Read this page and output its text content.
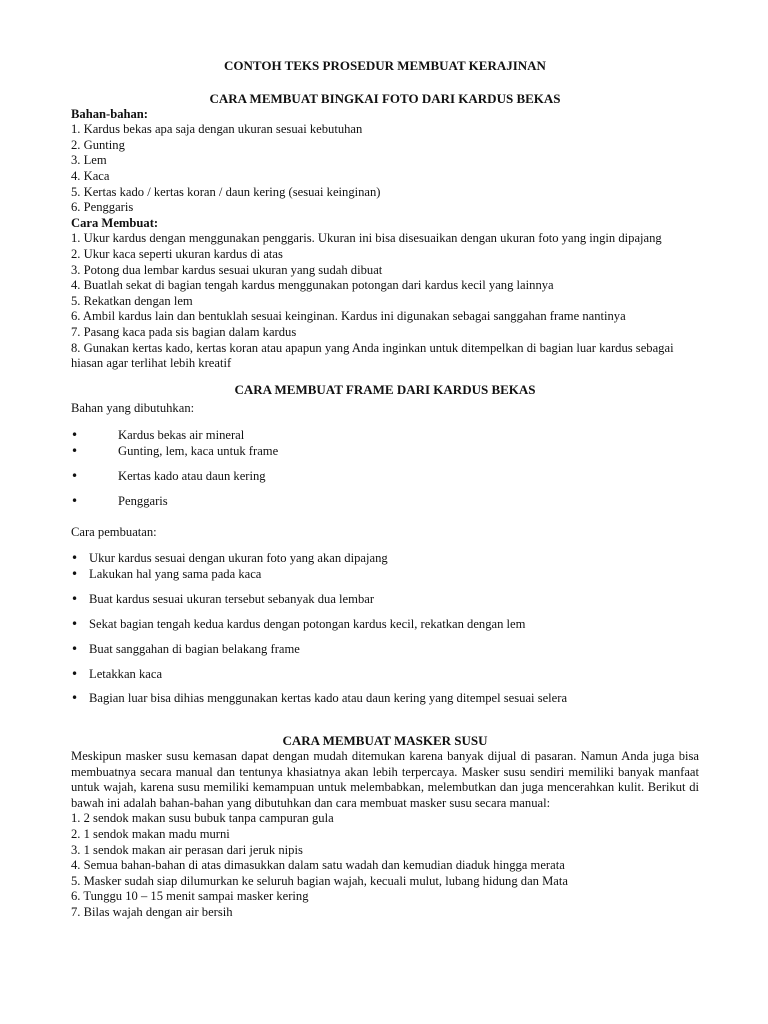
CONTOH TEKS PROSEDUR MEMBUAT KERAJINAN
CARA MEMBUAT BINGKAI FOTO DARI KARDUS BEKAS
Bahan-bahan:
1. Kardus bekas apa saja dengan ukuran sesuai kebutuhan
2. Gunting
3. Lem
4. Kaca
5. Kertas kado / kertas koran / daun kering (sesuai keinginan)
6. Penggaris
Cara Membuat:
1. Ukur kardus dengan menggunakan penggaris. Ukuran ini bisa disesuaikan dengan ukuran foto yang ingin dipajang
2. Ukur kaca seperti ukuran kardus di atas
3. Potong dua lembar kardus sesuai ukuran yang sudah dibuat
4. Buatlah sekat di bagian tengah kardus menggunakan potongan dari kardus kecil yang lainnya
5. Rekatkan dengan lem
6. Ambil kardus lain dan bentuklah sesuai keinginan. Kardus ini digunakan sebagai sanggahan frame nantinya
7. Pasang kaca pada sis bagian dalam kardus
8. Gunakan kertas kado, kertas koran atau apapun yang Anda inginkan untuk ditempelkan di bagian luar kardus sebagai hiasan agar terlihat lebih kreatif
CARA MEMBUAT FRAME DARI KARDUS BEKAS
Bahan yang dibutuhkan:
• Kardus bekas air mineral
• Gunting, lem, kaca untuk frame
• Kertas kado atau daun kering
• Penggaris
Cara pembuatan:
• Ukur kardus sesuai dengan ukuran foto yang akan dipajang
• Lakukan hal yang sama pada kaca
• Buat kardus sesuai ukuran tersebut sebanyak dua lembar
• Sekat bagian tengah kedua kardus dengan potongan kardus kecil, rekatkan dengan lem
• Buat sanggahan di bagian belakang frame
• Letakkan kaca
• Bagian luar bisa dihias menggunakan kertas kado atau daun kering yang ditempel sesuai selera
CARA MEMBUAT MASKER SUSU
Meskipun masker susu kemasan dapat dengan mudah ditemukan karena banyak dijual di pasaran. Namun Anda juga bisa membuatnya secara manual dan tentunya khasiatnya akan lebih terpercaya. Masker susu sendiri memiliki banyak manfaat untuk wajah, karena susu memiliki kemampuan untuk melembabkan, melembutkan dan juga mencerahkan kulit. Berikut di bawah ini adalah bahan-bahan yang dibutuhkan dan cara membuat masker susu secara manual:
1. 2 sendok makan susu bubuk tanpa campuran gula
2. 1 sendok makan madu murni
3. 1 sendok makan air perasan dari jeruk nipis
4. Semua bahan-bahan di atas dimasukkan dalam satu wadah dan kemudian diaduk hingga merata
5. Masker sudah siap dilumurkan ke seluruh bagian wajah, kecuali mulut, lubang hidung dan Mata
6. Tunggu 10 – 15 menit sampai masker kering
7. Bilas wajah dengan air bersih
